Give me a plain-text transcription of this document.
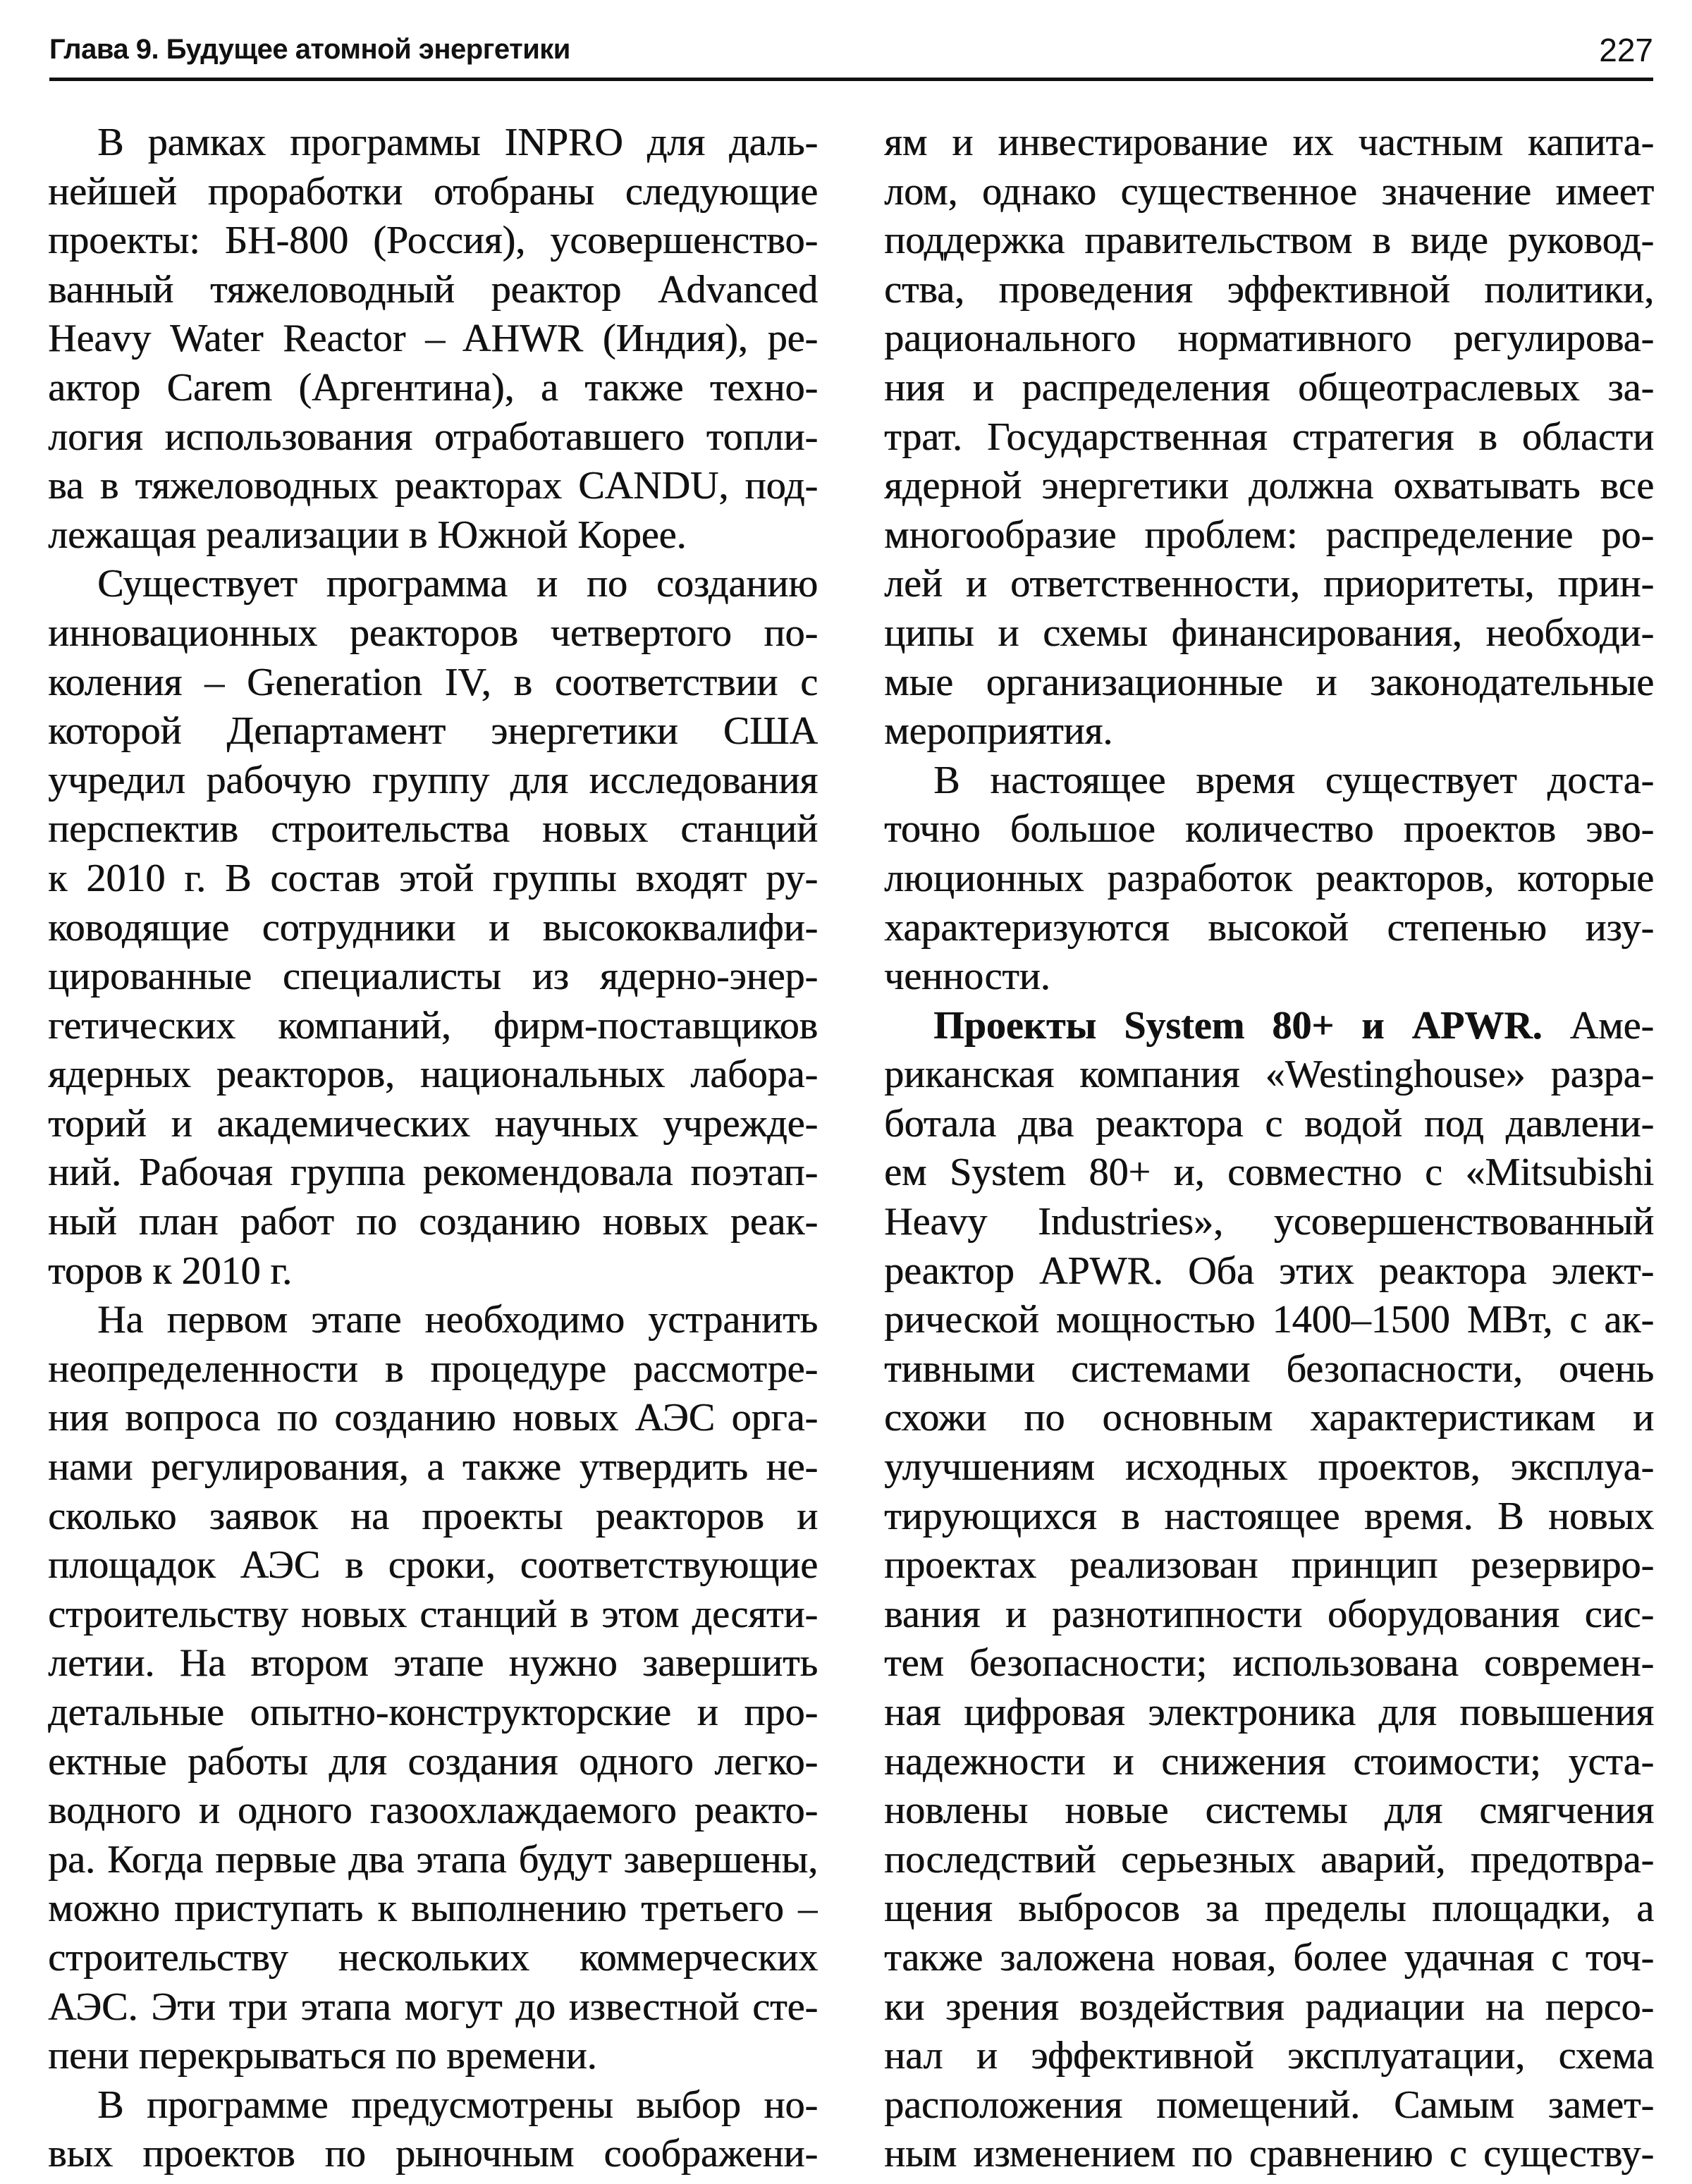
Глава 9. Будущее атомной энергетики	227
В рамках программы INPRO для даль-
нейшей проработки отобраны следующие
проекты: БН-800 (Россия), усовершенство-
ванный тяжеловодный реактор Advanced
Heavy Water Reactor – AHWR (Индия), ре-
актор Carem (Аргентина), а также техно-
логия использования отработавшего топли-
ва в тяжеловодных реакторах CANDU, под-
лежащая реализации в Южной Корее.
Существует программа и по созданию
инновационных реакторов четвертого по-
коления – Generation IV, в соответствии с
которой Департамент энергетики США
учредил рабочую группу для исследования
перспектив строительства новых станций
к 2010 г. В состав этой группы входят ру-
ководящие сотрудники и высококвалифи-
цированные специалисты из ядерно-энер-
гетических компаний, фирм-поставщиков
ядерных реакторов, национальных лабора-
торий и академических научных учрежде-
ний. Рабочая группа рекомендовала поэтап-
ный план работ по созданию новых реак-
торов к 2010 г.
На первом этапе необходимо устранить
неопределенности в процедуре рассмотре-
ния вопроса по созданию новых АЭС орга-
нами регулирования, а также утвердить не-
сколько заявок на проекты реакторов и
площадок АЭС в сроки, соответствующие
строительству новых станций в этом десяти-
летии. На втором этапе нужно завершить
детальные опытно-конструкторские и про-
ектные работы для создания одного легко-
водного и одного газоохлаждаемого реакто-
ра. Когда первые два этапа будут завершены,
можно приступать к выполнению третьего –
строительству нескольких коммерческих
АЭС. Эти три этапа могут до известной сте-
пени перекрываться по времени.
В программе предусмотрены выбор но-
вых проектов по рыночным соображени-
ям и инвестирование их частным капита-
лом, однако существенное значение имеет
поддержка правительством в виде руковод-
ства, проведения эффективной политики,
рационального нормативного регулирова-
ния и распределения общеотраслевых за-
трат. Государственная стратегия в области
ядерной энергетики должна охватывать все
многообразие проблем: распределение ро-
лей и ответственности, приоритеты, прин-
ципы и схемы финансирования, необходи-
мые организационные и законодательные
мероприятия.
В настоящее время существует доста-
точно большое количество проектов эво-
люционных разработок реакторов, которые
характеризуются высокой степенью изу-
ченности.
Проекты System 80+ и APWR. Аме-
риканская компания «Westinghouse» разра-
ботала два реактора с водой под давлени-
ем System 80+ и, совместно с «Mitsubishi
Heavy Industries», усовершенствованный
реактор APWR. Оба этих реактора элект-
рической мощностью 1400–1500 МВт, с ак-
тивными системами безопасности, очень
схожи по основным характеристикам и
улучшениям исходных проектов, эксплуа-
тирующихся в настоящее время. В новых
проектах реализован принцип резервиро-
вания и разнотипности оборудования сис-
тем безопасности; использована современ-
ная цифровая электроника для повышения
надежности и снижения стоимости; уста-
новлены новые системы для смягчения
последствий серьезных аварий, предотвра-
щения выбросов за пределы площадки, а
также заложена новая, более удачная с точ-
ки зрения воздействия радиации на персо-
нал и эффективной эксплуатации, схема
расположения помещений. Самым замет-
ным изменением по сравнению с существу-
